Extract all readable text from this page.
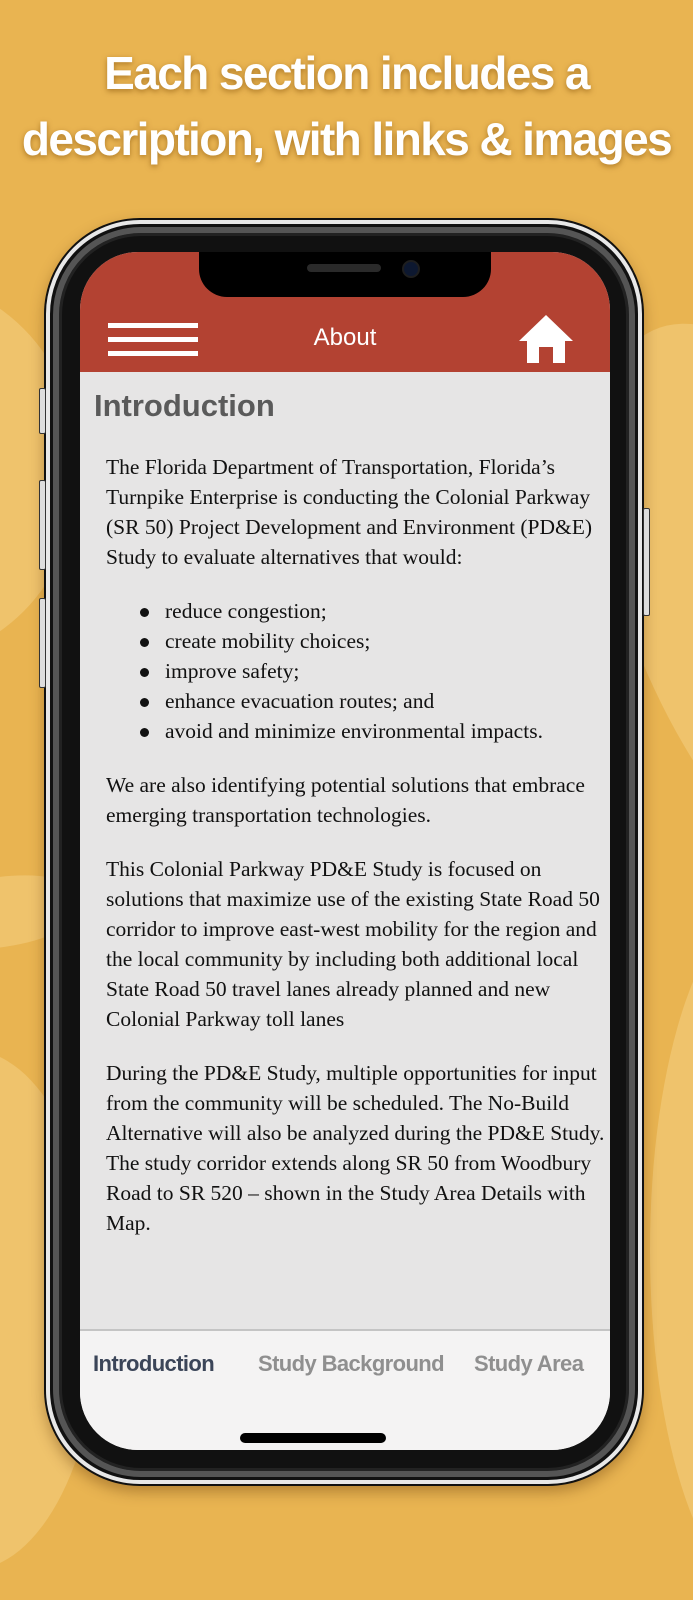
Each section includes a
description, with links & images
About
Introduction

The Florida Department of Transportation, Florida’s Turnpike Enterprise is conducting the Colonial Parkway (SR 50) Project Development and Environment (PD&E) Study to evaluate alternatives that would:

reduce congestion;
create mobility choices;
improve safety;
enhance evacuation routes; and
avoid and minimize environmental impacts.

We are also identifying potential solutions that embrace emerging transportation technologies.

This Colonial Parkway PD&E Study is focused on solutions that maximize use of the existing State Road 50 corridor to improve east-west mobility for the region and the local community by including both additional local State Road 50 travel lanes already planned and new Colonial Parkway toll lanes

During the PD&E Study, multiple opportunities for input from the community will be scheduled. The No-Build Alternative will also be analyzed during the PD&E Study. The study corridor extends along SR 50 from Woodbury Road to SR 520 – shown in the Study Area Details with Map.

Introduction Study Background Study Area
